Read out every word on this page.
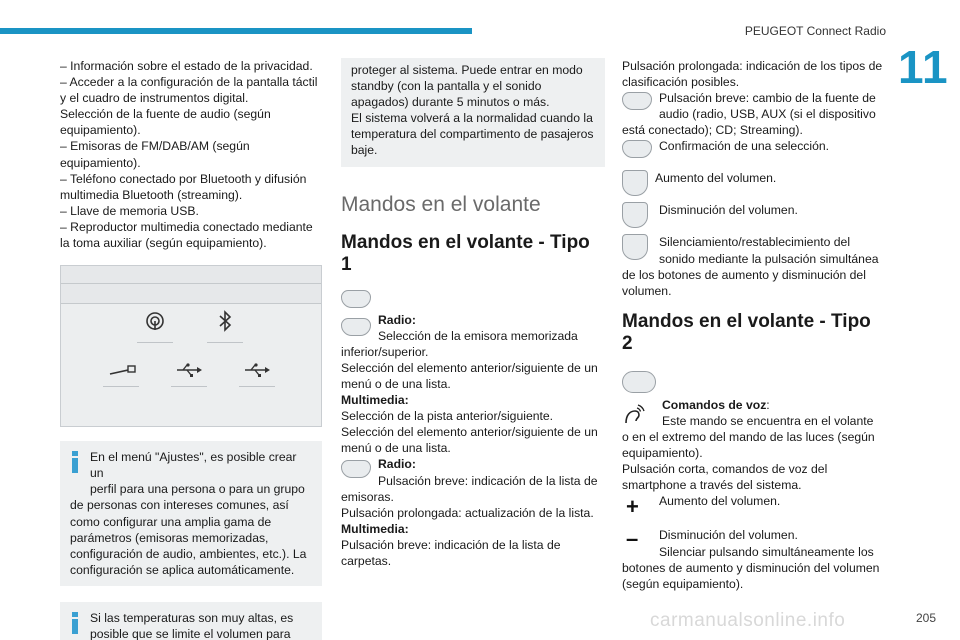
PEUGEOT Connect Radio
11
– Información sobre el estado de la privacidad.
– Acceder a la configuración de la pantalla táctil
y el cuadro de instrumentos digital.
Selección de la fuente de audio (según
equipamiento).
– Emisoras de FM/DAB/AM (según
equipamiento).
– Teléfono conectado por Bluetooth y difusión
multimedia Bluetooth (streaming).
– Llave de memoria USB.
– Reproductor multimedia conectado mediante
la toma auxiliar (según equipamiento).
En el menú "Ajustes", es posible crear un
perfil para una persona o para un grupo
de personas con intereses comunes, así
como configurar una amplia gama de
parámetros (emisoras memorizadas,
configuración de audio, ambientes, etc.). La
configuración se aplica automáticamente.
Si las temperaturas son muy altas, es
posible que se limite el volumen para
proteger al sistema. Puede entrar en modo
standby (con la pantalla y el sonido
apagados) durante 5 minutos o más.
El sistema volverá a la normalidad cuando la
temperatura del compartimento de pasajeros
baje.
Mandos en el volante
Mandos en el volante - Tipo 1
Radio:
Selección de la emisora memorizada
inferior/superior.
Selección del elemento anterior/siguiente de un
menú o de una lista.
Multimedia:
Selección de la pista anterior/siguiente.
Selección del elemento anterior/siguiente de un
menú o de una lista.
Radio:
Pulsación breve: indicación de la lista de
emisoras.
Pulsación prolongada: actualización de la lista.
Multimedia:
Pulsación breve: indicación de la lista de
carpetas.
Pulsación prolongada: indicación de los tipos de
clasificación posibles.
Pulsación breve: cambio de la fuente de
audio (radio, USB, AUX (si el dispositivo
está conectado); CD; Streaming).
Confirmación de una selección.
Aumento del volumen.
Disminución del volumen.
Silenciamiento/restablecimiento del
sonido mediante la pulsación simultánea
de los botones de aumento y disminución del
volumen.
Mandos en el volante - Tipo 2
Comandos de voz:
Este mando se encuentra en el volante
o en el extremo del mando de las luces (según
equipamiento).
Pulsación corta, comandos de voz del
smartphone a través del sistema.
+	Aumento del volumen.
–	Disminución del volumen.
Silenciar pulsando simultáneamente los
botones de aumento y disminución del volumen
(según equipamiento).
carmanualsonline.info	205
